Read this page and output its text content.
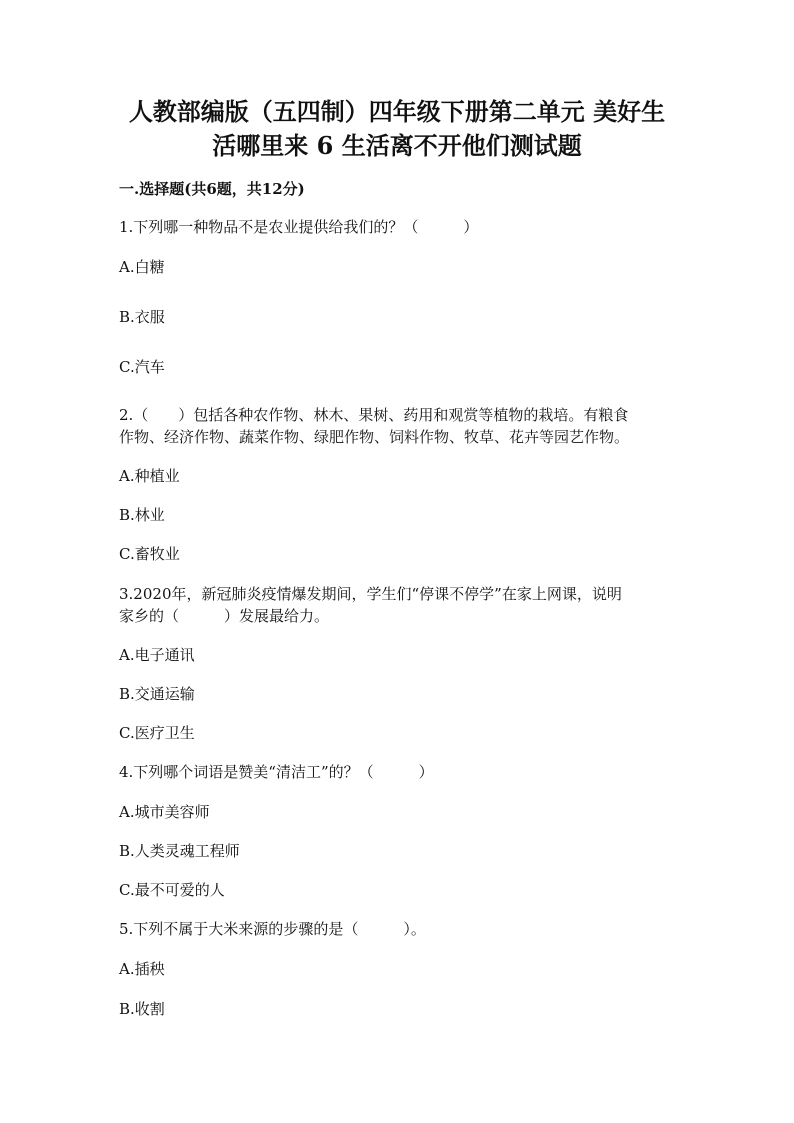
人教部编版（五四制）四年级下册第二单元 美好生
活哪里来 6 生活离不开他们测试题

一.选择题(共6题，共12分)

1.下列哪一种物品不是农业提供给我们的？（　　　）

A.白糖

B.衣服

C.汽车

2.（　　）包括各种农作物、林木、果树、药用和观赏等植物的栽培。有粮食

作物、经济作物、蔬菜作物、绿肥作物、饲料作物、牧草、花卉等园艺作物。

A.种植业

B.林业

C.畜牧业

3.2020年，新冠肺炎疫情爆发期间，学生们“停课不停学”在家上网课，说明

家乡的（　　　）发展最给力。

A.电子通讯

B.交通运输

C.医疗卫生

4.下列哪个词语是赞美“清洁工”的？（　　　）

A.城市美容师

B.人类灵魂工程师

C.最不可爱的人

5.下列不属于大米来源的步骤的是（　　　）。

A.插秧

B.收割
